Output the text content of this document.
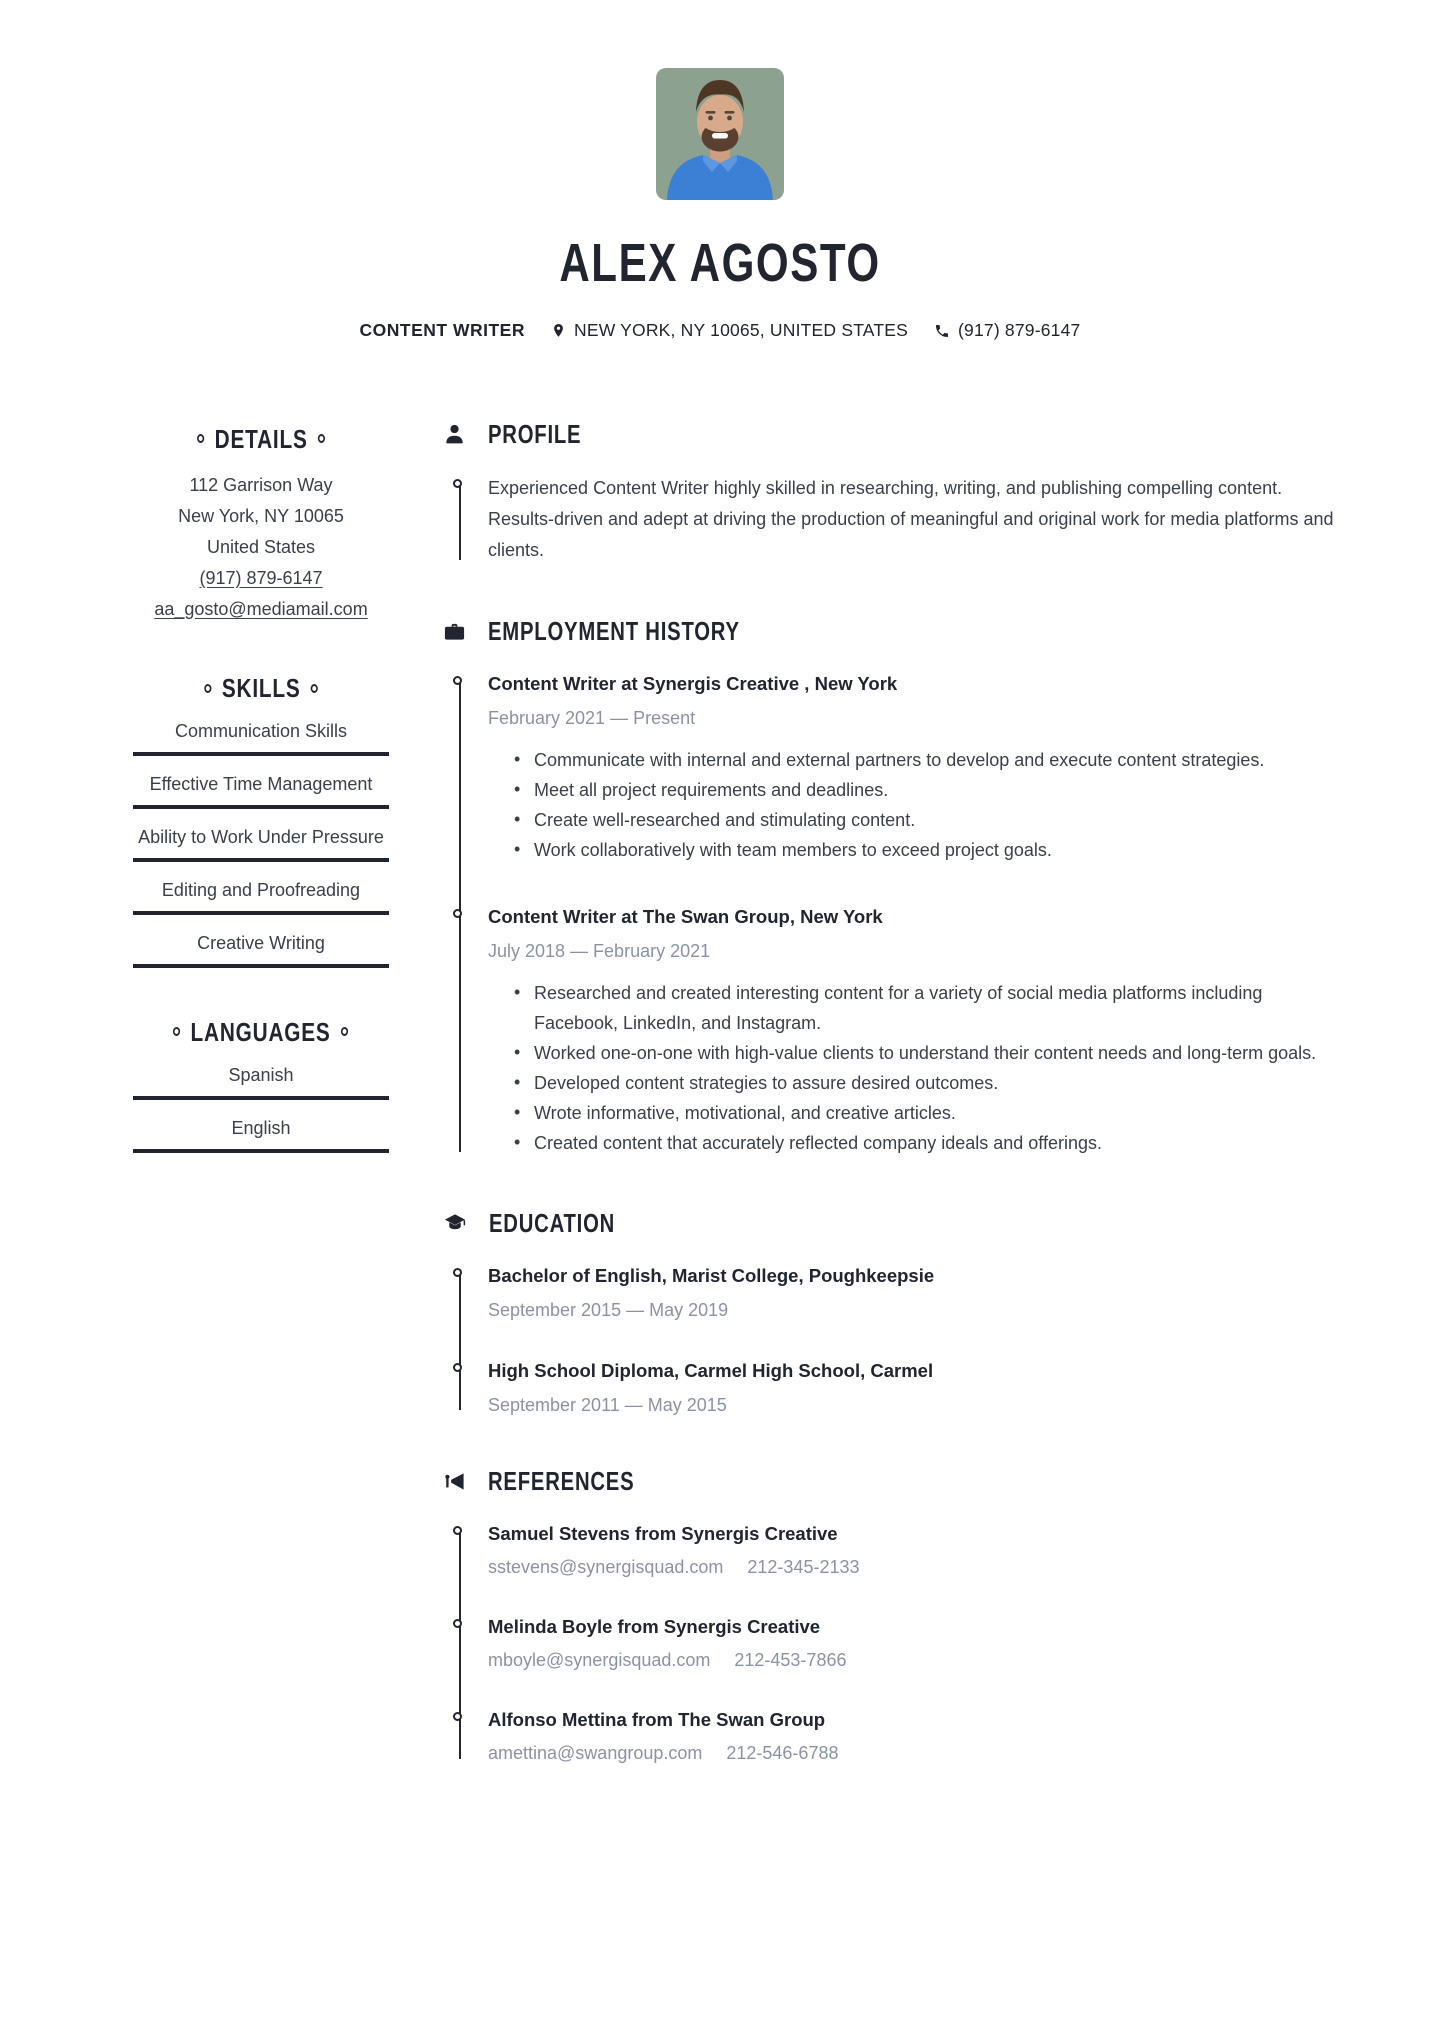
ALEX AGOSTO
CONTENT WRITER	NEW YORK, NY 10065, UNITED STATES	(917) 879-6147
DETAILS
112 Garrison Way
New York, NY 10065
United States
(917) 879-6147
aa_gosto@mediamail.com
SKILLS
Communication Skills
Effective Time Management
Ability to Work Under Pressure
Editing and Proofreading
Creative Writing
LANGUAGES
Spanish
English
PROFILE

Experienced Content Writer highly skilled in researching, writing, and publishing compelling content. Results-driven and adept at driving the production of meaningful and original work for media platforms and clients.

EMPLOYMENT HISTORY
Content Writer at Synergis Creative , New York
February 2021 — Present
• Communicate with internal and external partners to develop and execute content strategies.
• Meet all project requirements and deadlines.
• Create well-researched and stimulating content.
• Work collaboratively with team members to exceed project goals.
Content Writer at The Swan Group, New York
July 2018 — February 2021
• Researched and created interesting content for a variety of social media platforms including Facebook, LinkedIn, and Instagram.
• Worked one-on-one with high-value clients to understand their content needs and long-term goals.
• Developed content strategies to assure desired outcomes.
• Wrote informative, motivational, and creative articles.
• Created content that accurately reflected company ideals and offerings.
EDUCATION
Bachelor of English, Marist College, Poughkeepsie
September 2015 — May 2019
High School Diploma, Carmel High School, Carmel
September 2011 — May 2015
REFERENCES
Samuel Stevens from Synergis Creative
sstevens@synergisquad.com 212-345-2133
Melinda Boyle from Synergis Creative
mboyle@synergisquad.com 212-453-7866
Alfonso Mettina from The Swan Group
amettina@swangroup.com 212-546-6788
